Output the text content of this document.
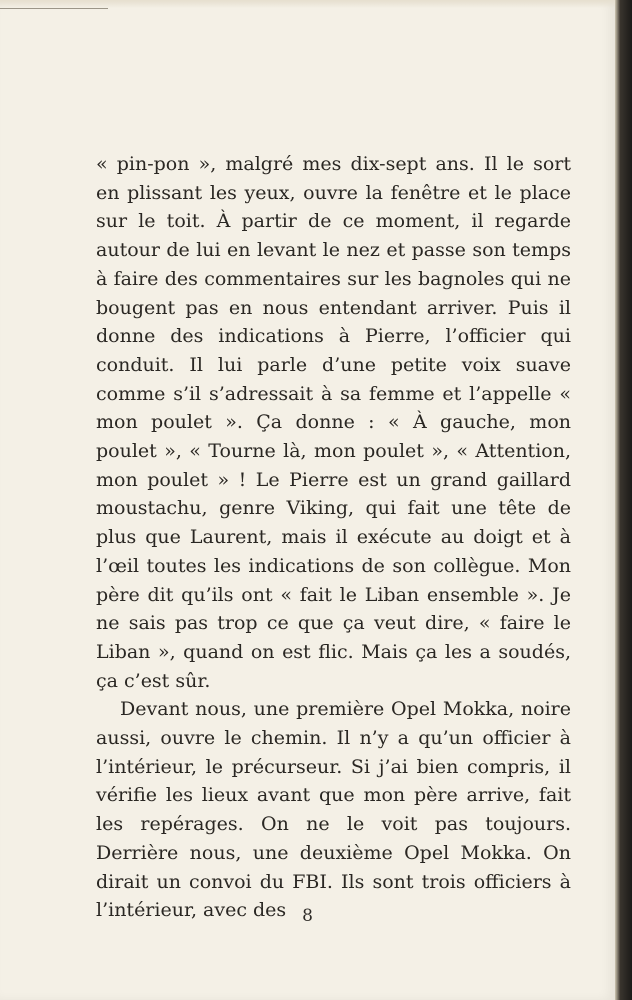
« pin-pon », malgré mes dix-sept ans. Il le sort en plissant les yeux, ouvre la fenêtre et le place sur le toit. À partir de ce moment, il regarde autour de lui en levant le nez et passe son temps à faire des commentaires sur les bagnoles qui ne bougent pas en nous entendant arriver. Puis il donne des indications à Pierre, l’officier qui conduit. Il lui parle d’une petite voix suave comme s’il s’adressait à sa femme et l’appelle « mon poulet ». Ça donne : « À gauche, mon poulet », « Tourne là, mon poulet », « Attention, mon poulet » ! Le Pierre est un grand gaillard moustachu, genre Viking, qui fait une tête de plus que Laurent, mais il exécute au doigt et à l’œil toutes les indications de son collègue. Mon père dit qu’ils ont « fait le Liban ensemble ». Je ne sais pas trop ce que ça veut dire, « faire le Liban », quand on est flic. Mais ça les a soudés, ça c’est sûr.

Devant nous, une première Opel Mokka, noire aussi, ouvre le chemin. Il n’y a qu’un officier à l’intérieur, le précurseur. Si j’ai bien compris, il vérifie les lieux avant que mon père arrive, fait les repérages. On ne le voit pas toujours. Derrière nous, une deuxième Opel Mokka. On dirait un convoi du FBI. Ils sont trois officiers à l’intérieur, avec des 8
